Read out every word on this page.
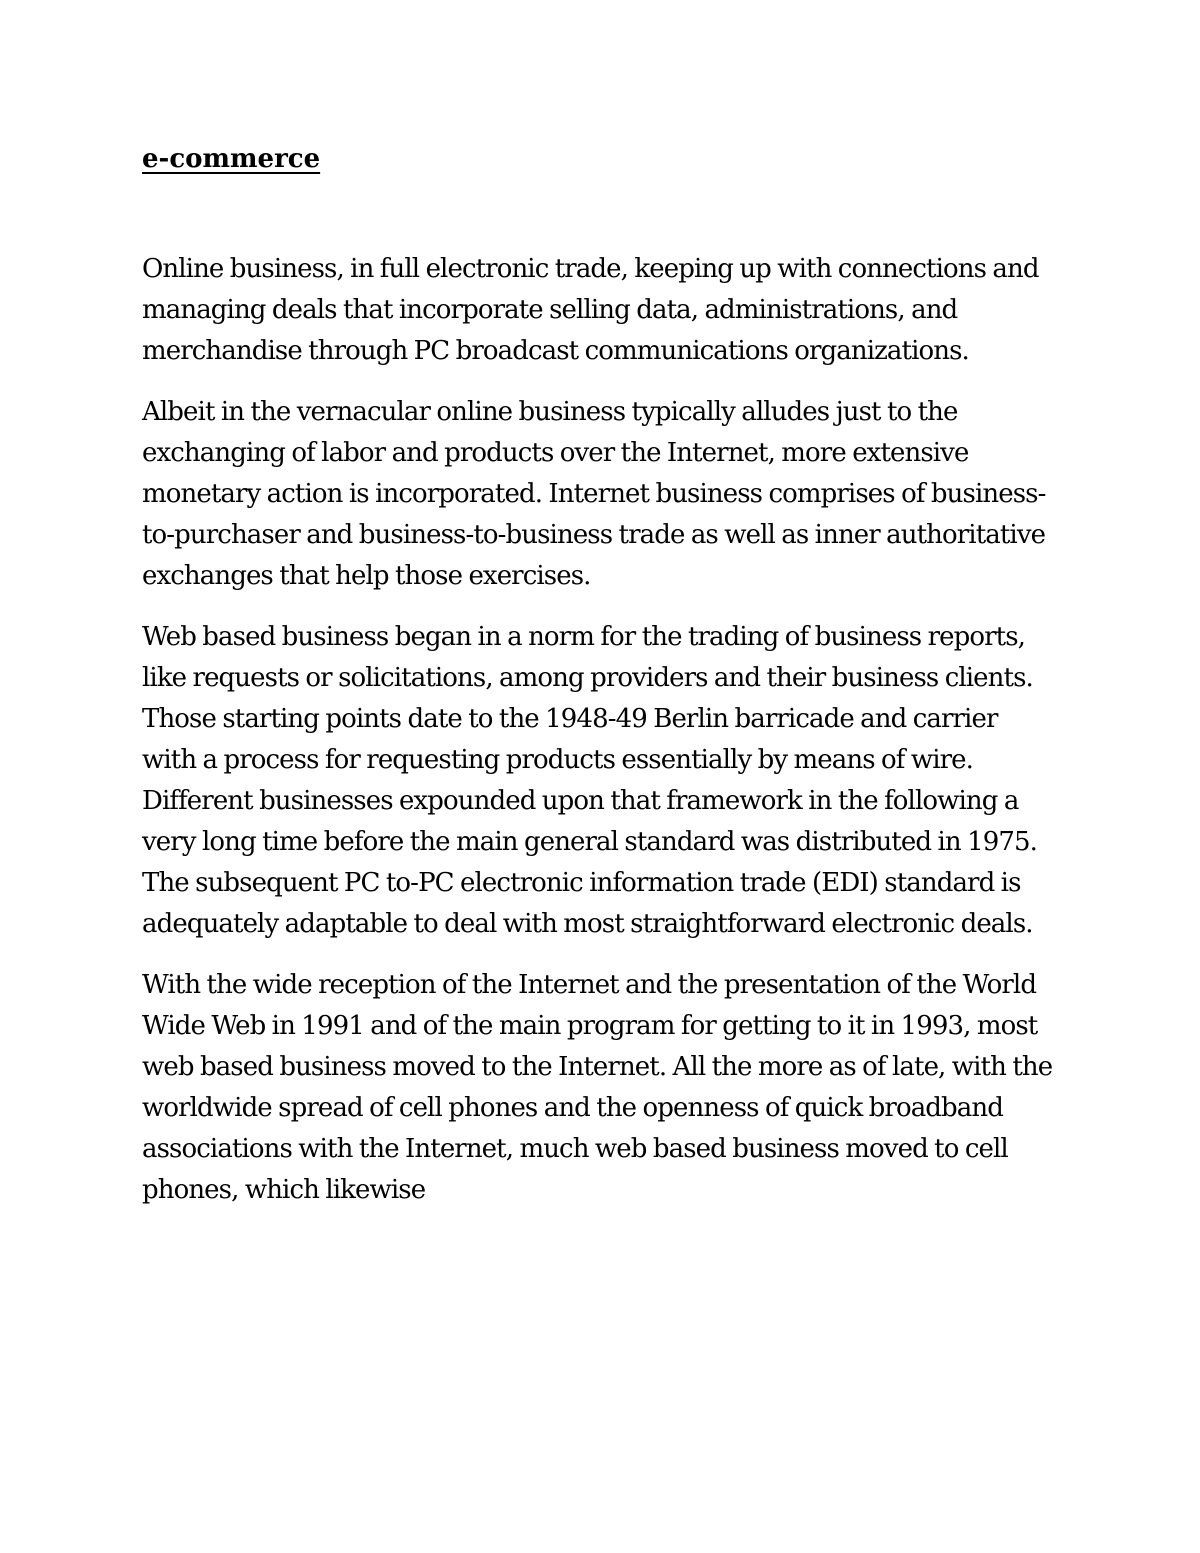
e-commerce

Online business, in full electronic trade, keeping up with connections and managing deals that incorporate selling data, administrations, and merchandise through PC broadcast communications organizations.

Albeit in the vernacular online business typically alludes just to the exchanging of labor and products over the Internet, more extensive monetary action is incorporated. Internet business comprises of business-to-purchaser and business-to-business trade as well as inner authoritative exchanges that help those exercises.

Web based business began in a norm for the trading of business reports, like requests or solicitations, among providers and their business clients. Those starting points date to the 1948-49 Berlin barricade and carrier with a process for requesting products essentially by means of wire. Different businesses expounded upon that framework in the following a very long time before the main general standard was distributed in 1975. The subsequent PC to-PC electronic information trade (EDI) standard is adequately adaptable to deal with most straightforward electronic deals.

With the wide reception of the Internet and the presentation of the World Wide Web in 1991 and of the main program for getting to it in 1993, most web based business moved to the Internet. All the more as of late, with the worldwide spread of cell phones and the openness of quick broadband associations with the Internet, much web based business moved to cell phones, which likewise
